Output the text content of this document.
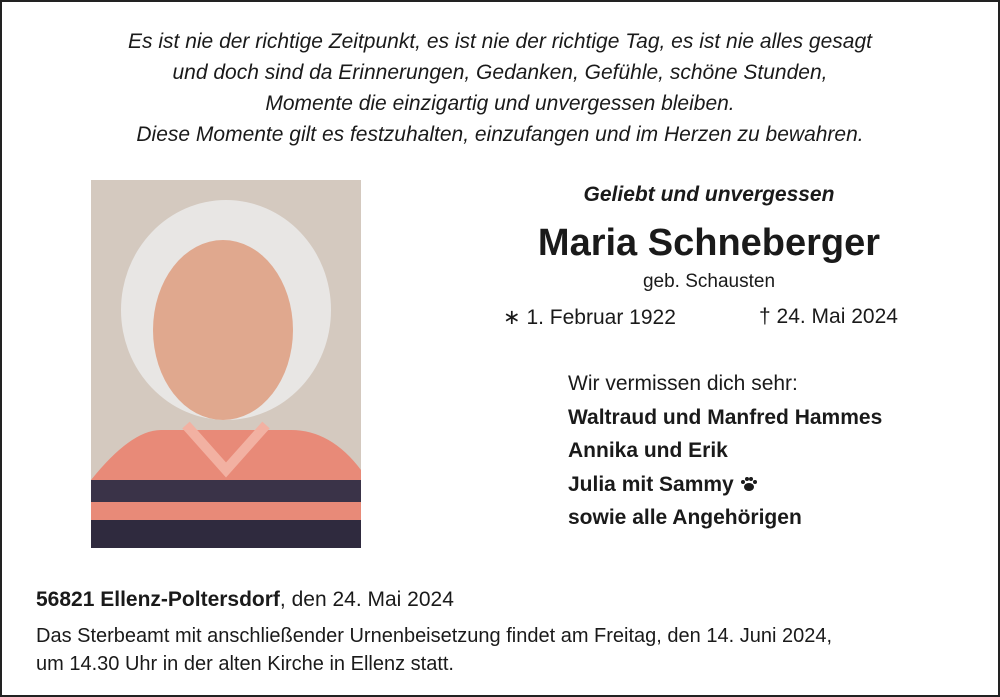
Es ist nie der richtige Zeitpunkt, es ist nie der richtige Tag, es ist nie alles gesagt
und doch sind da Erinnerungen, Gedanken, Gefühle, schöne Stunden,
Momente die einzigartig und unvergessen bleiben.
Diese Momente gilt es festzuhalten, einzufangen und im Herzen zu bewahren.
Geliebt und unvergessen
Maria Schneberger
geb. Schausten
∗ 1. Februar 1922	† 24. Mai 2024
Wir vermissen dich sehr:
Waltraud und Manfred Hammes
Annika und Erik
Julia mit Sammy
sowie alle Angehörigen
56821 Ellenz-Poltersdorf, den 24. Mai 2024
Das Sterbeamt mit anschließender Urnenbeisetzung findet am Freitag, den 14. Juni 2024,
um 14.30 Uhr in der alten Kirche in Ellenz statt.
